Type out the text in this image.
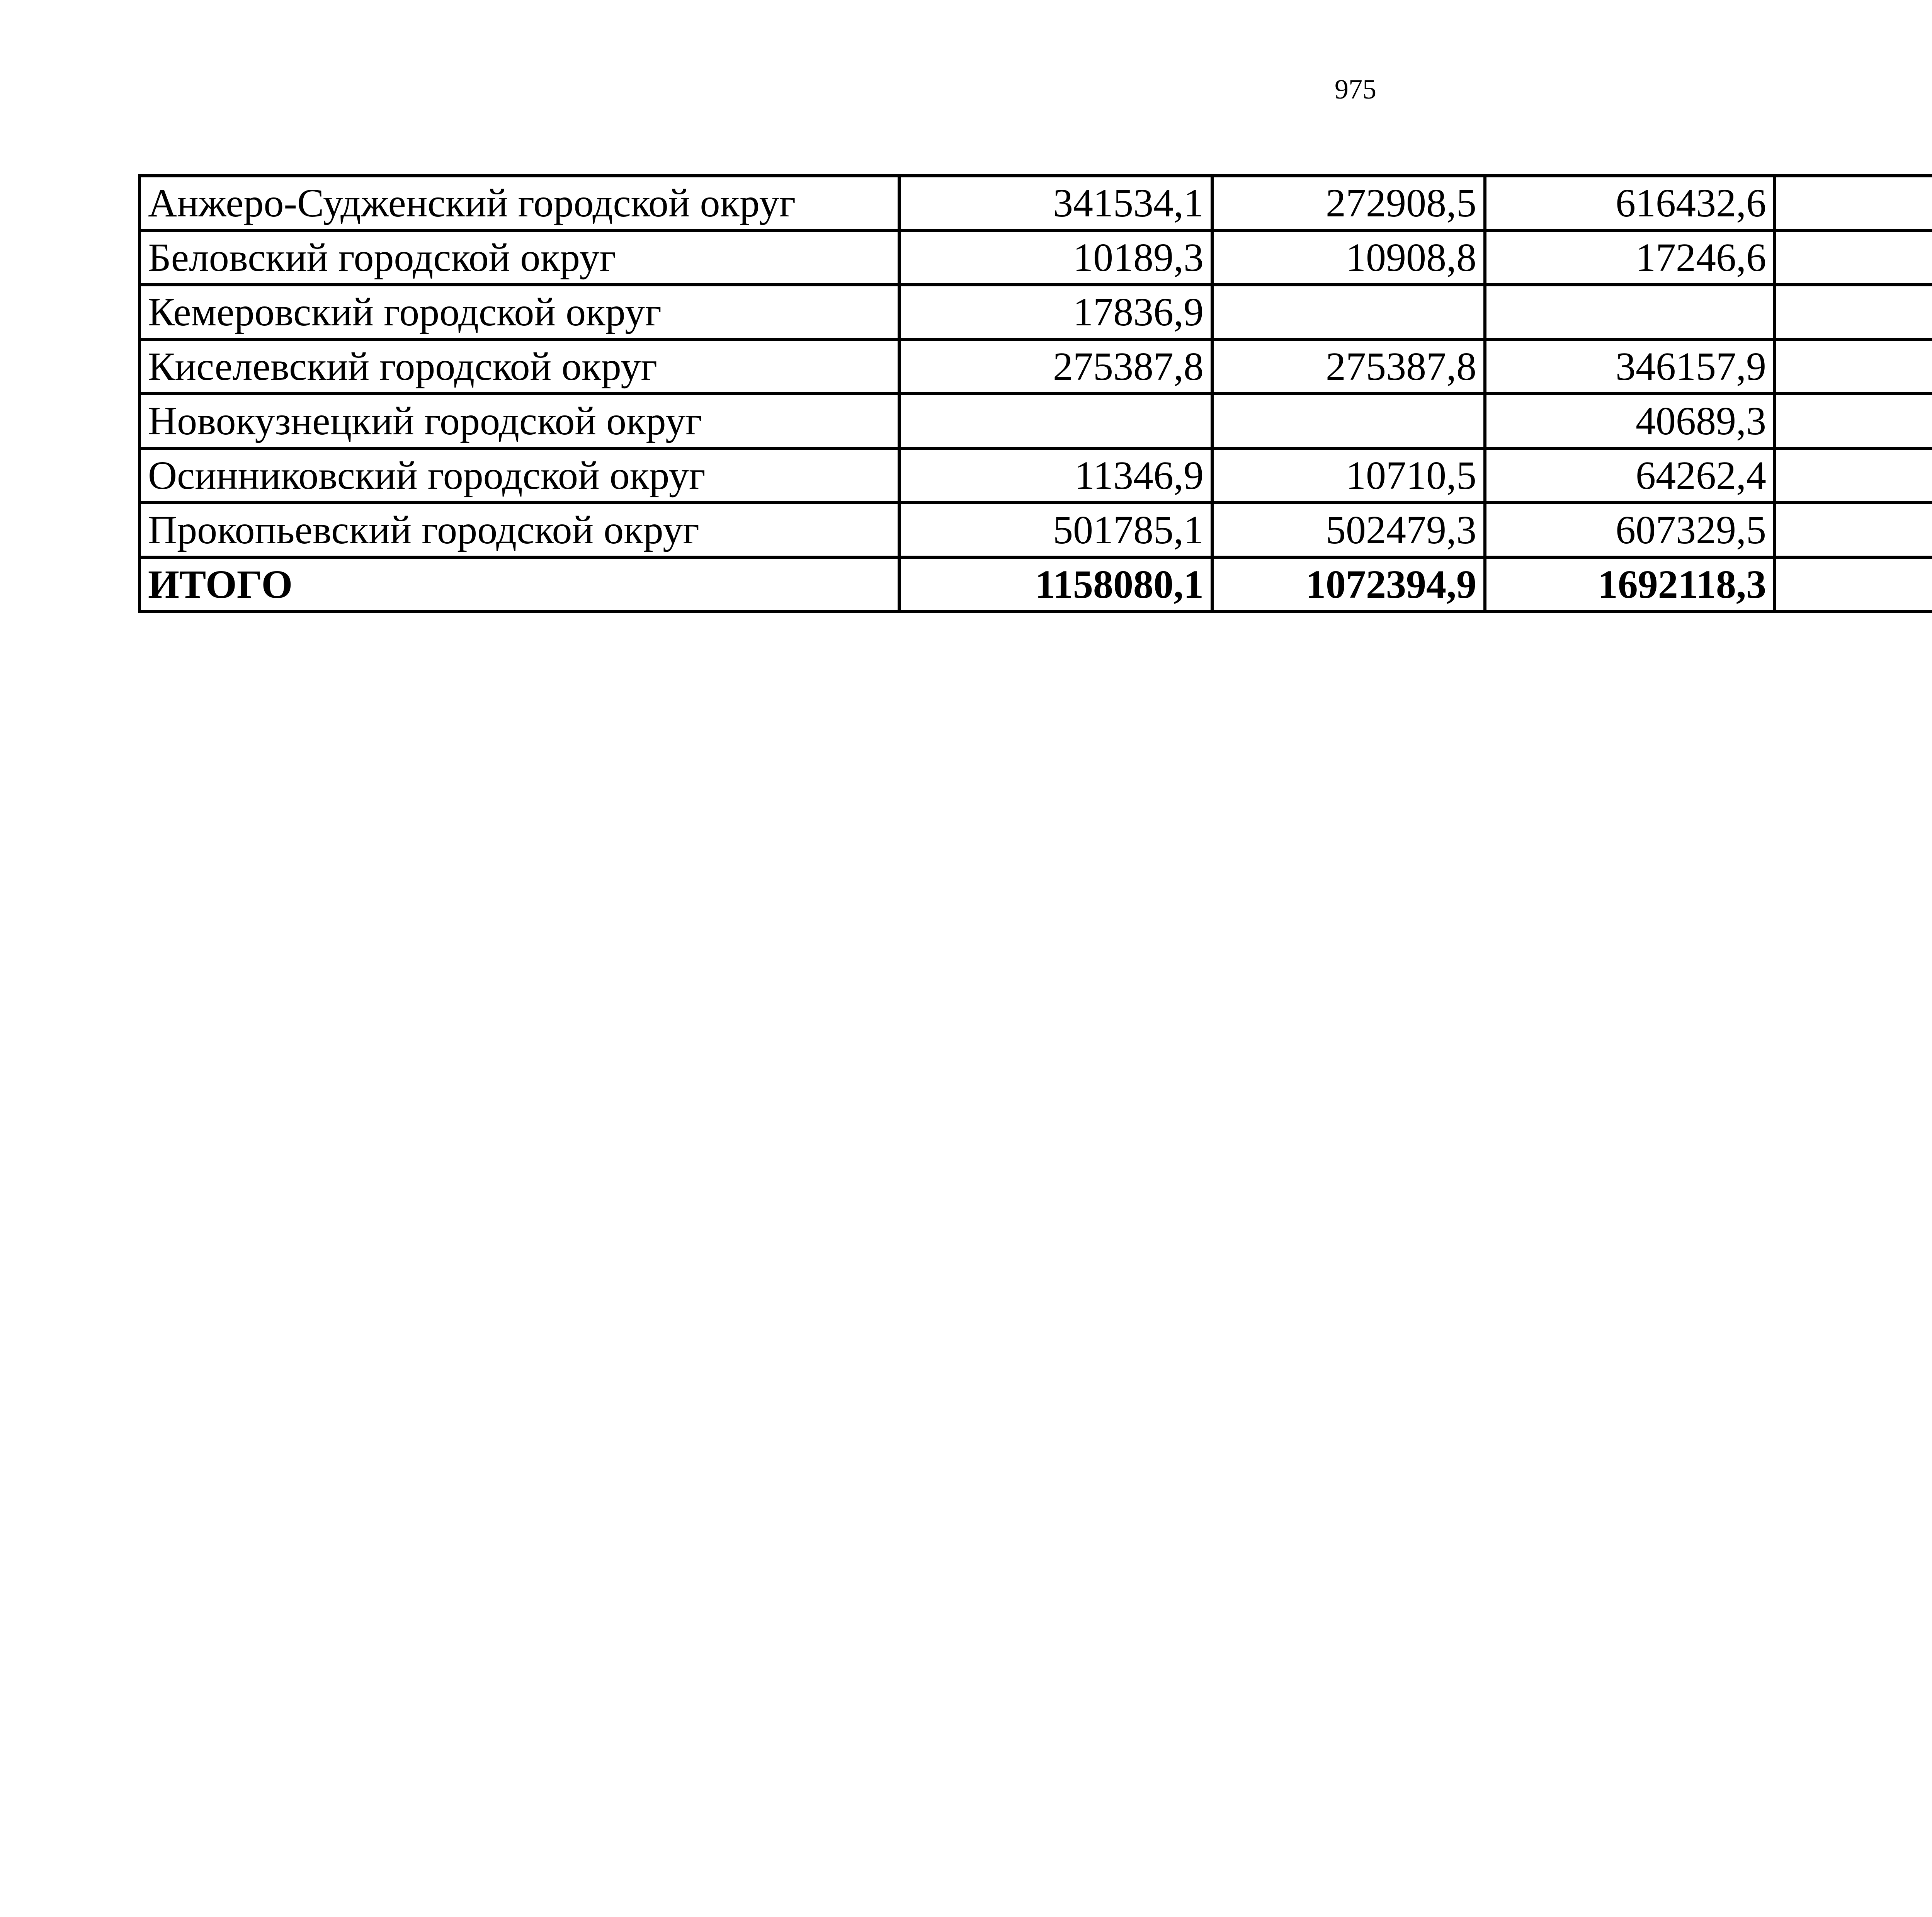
975
Анжеро-Судженский городской округ	341534,1	272908,5	616432,6	
Беловский городской округ	10189,3	10908,8	17246,6	
Кемеровский городской округ	17836,9			
Киселевский городской округ	275387,8	275387,8	346157,9	
Новокузнецкий городской округ			40689,3	
Осинниковский городской округ	11346,9	10710,5	64262,4	
Прокопьевский городской округ	501785,1	502479,3	607329,5	
ИТОГО	1158080,1	1072394,9	1692118,3	
